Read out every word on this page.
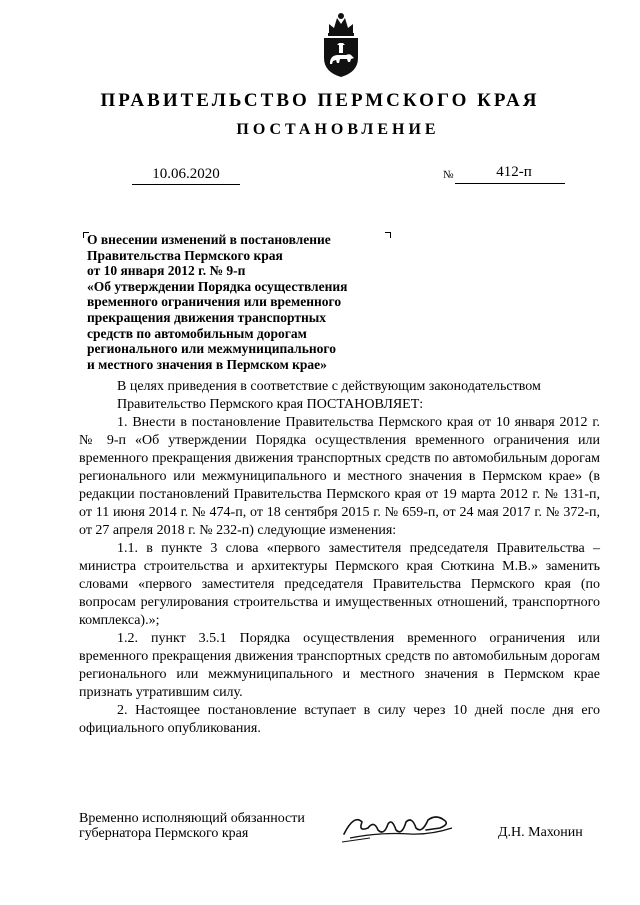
ПРАВИТЕЛЬСТВО ПЕРМСКОГО КРАЯ
ПОСТАНОВЛЕНИЕ
10.06.2020	№	412-п
О внесении изменений в постановление
Правительства Пермского края
от 10 января 2012 г. № 9-п
«Об утверждении Порядка осуществления
временного ограничения или временного
прекращения движения транспортных
средств по автомобильным дорогам
регионального или межмуниципального
и местного значения в Пермском крае»

В целях приведения в соответствие с действующим законодательством

Правительство Пермского края ПОСТАНОВЛЯЕТ:

1. Внести в постановление Правительства Пермского края от 10 января 2012 г. № 9-п «Об утверждении Порядка осуществления временного ограничения или временного прекращения движения транспортных средств по автомобильным дорогам регионального или межмуниципального и местного значения в Пермском крае» (в редакции постановлений Правительства Пермского края от 19 марта 2012 г. № 131-п, от 11 июня 2014 г. № 474-п, от 18 сентября 2015 г. № 659-п, от 24 мая 2017 г. № 372-п, от 27 апреля 2018 г. № 232-п) следующие изменения:

1.1. в пункте 3 слова «первого заместителя председателя Правительства – министра строительства и архитектуры Пермского края Сюткина М.В.» заменить словами «первого заместителя председателя Правительства Пермского края (по вопросам регулирования строительства и имущественных отношений, транспортного комплекса).»;

1.2. пункт 3.5.1 Порядка осуществления временного ограничения или временного прекращения движения транспортных средств по автомобильным дорогам регионального или межмуниципального и местного значения в Пермском крае признать утратившим силу.

2. Настоящее постановление вступает в силу через 10 дней после дня его официального опубликования.

Временно исполняющий обязанности
губернатора Пермского края	Д.Н. Махонин
